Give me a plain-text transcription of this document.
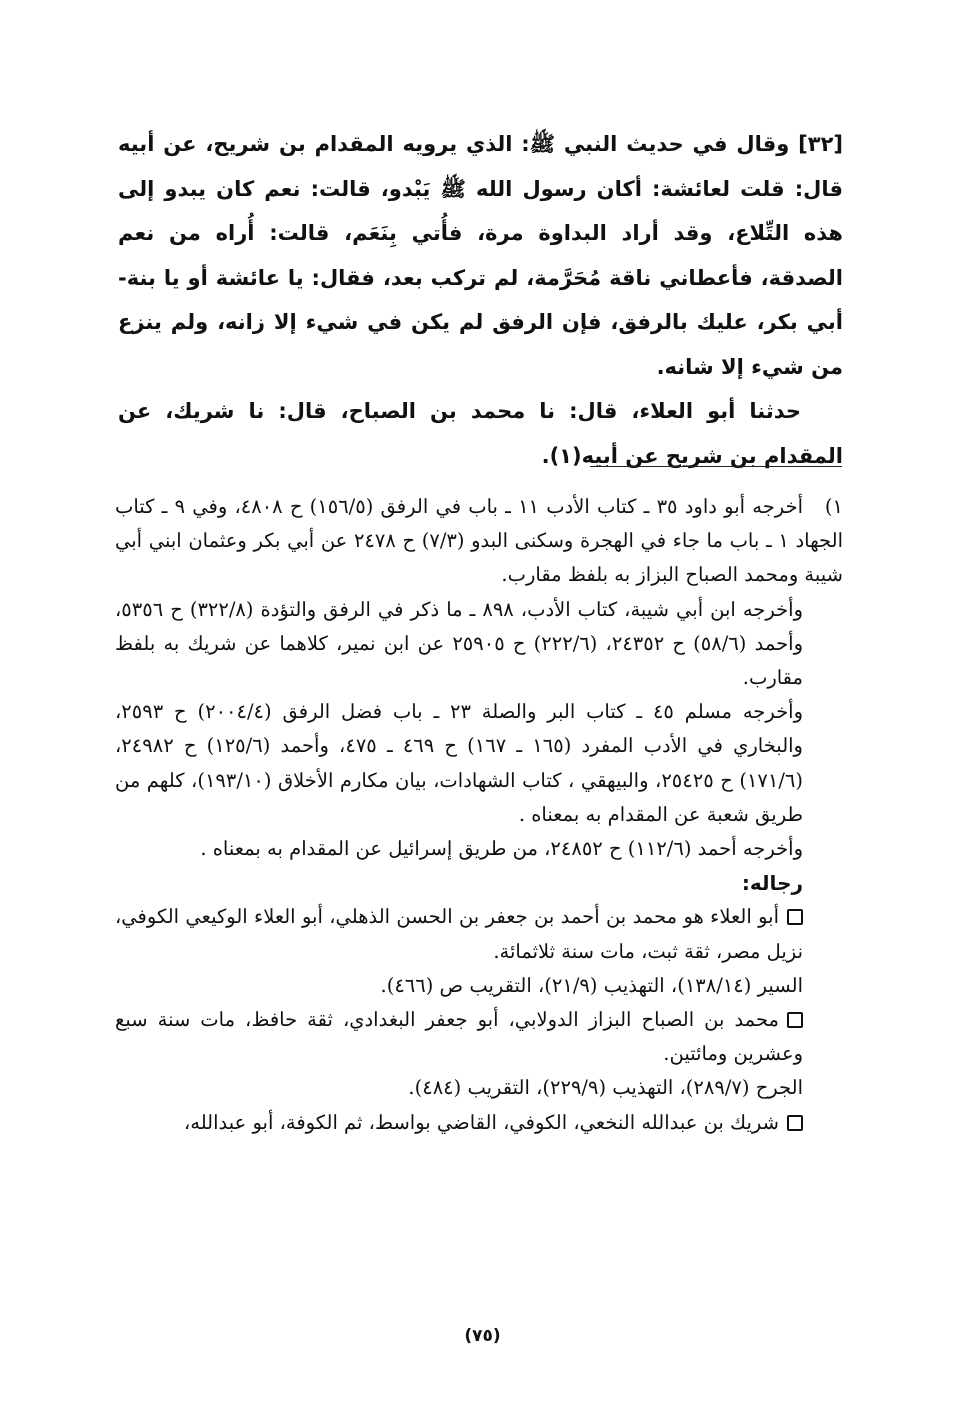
[٣٢] وقال في حديث النبي ﷺ: الذي يرويه المقدام بن شريح، عن أبيه قال: قلت لعائشة: أكان رسول الله ﷺ يَبْدو، قالت: نعم كان يبدو إلى هذه التِّلاع، وقد أراد البداوة مرة، فأُتي بِنَعَم، قالت: أُراه من نعم الصدقة، فأعطاني ناقة مُحَرَّمة، لم تركب بعد، فقال: يا عائشة أو يا بنة-أبي بكر، عليك بالرفق، فإن الرفق لم يكن في شيء إلا زانه، ولم ينزع من شيء إلا شانه.

حدثنا أبو العلاء، قال: نا محمد بن الصباح، قال: نا شريك، عن المقدام بن شريح عن أبيه(١).

١)أخرجه أبو داود ٣٥ ـ كتاب الأدب ١١ ـ باب في الرفق (١٥٦/٥) ح ٤٨٠٨، وفي ٩ ـ كتاب الجهاد ١ ـ باب ما جاء في الهجرة وسكنى البدو (٧/٣) ح ٢٤٧٨ عن أبي بكر وعثمان ابني أبي شيبة ومحمد الصباح البزاز به بلفظ مقارب.

وأخرجه ابن أبي شيبة، كتاب الأدب، ٨٩٨ ـ ما ذكر في الرفق والتؤدة (٣٢٢/٨) ح ٥٣٥٦، وأحمد (٥٨/٦) ح ٢٤٣٥٢، (٢٢٢/٦) ح ٢٥٩٠٥ عن ابن نمير، كلاهما عن شريك به بلفظ مقارب.

وأخرجه مسلم ٤٥ ـ كتاب البر والصلة ٢٣ ـ باب فضل الرفق (٢٠٠٤/٤) ح ٢٥٩٣، والبخاري في الأدب المفرد (١٦٥ ـ ١٦٧) ح ٤٦٩ ـ ٤٧٥، وأحمد (١٢٥/٦) ح ٢٤٩٨٢، (١٧١/٦) ح ٢٥٤٢٥، والبيهقي ، كتاب الشهادات، بيان مكارم الأخلاق (١٩٣/١٠)، كلهم من طريق شعبة عن المقدام به بمعناه .

وأخرجه أحمد (١١٢/٦) ح ٢٤٨٥٢، من طريق إسرائيل عن المقدام به بمعناه .

رجاله:

أبو العلاء هو محمد بن أحمد بن جعفر بن الحسن الذهلي، أبو العلاء الوكيعي الكوفي، نزيل مصر، ثقة ثبت، مات سنة ثلاثمائة.

السير (١٣٨/١٤)، التهذيب (٢١/٩)، التقريب ص (٤٦٦).

محمد بن الصباح البزاز الدولابي، أبو جعفر البغدادي، ثقة حافظ، مات سنة سبع وعشرين ومائتين.

الجرح (٢٨٩/٧)، التهذيب (٢٢٩/٩)، التقريب (٤٨٤).

شريك بن عبدالله النخعي، الكوفي، القاضي بواسط، ثم الكوفة، أبو عبدالله،

(٧٥)
